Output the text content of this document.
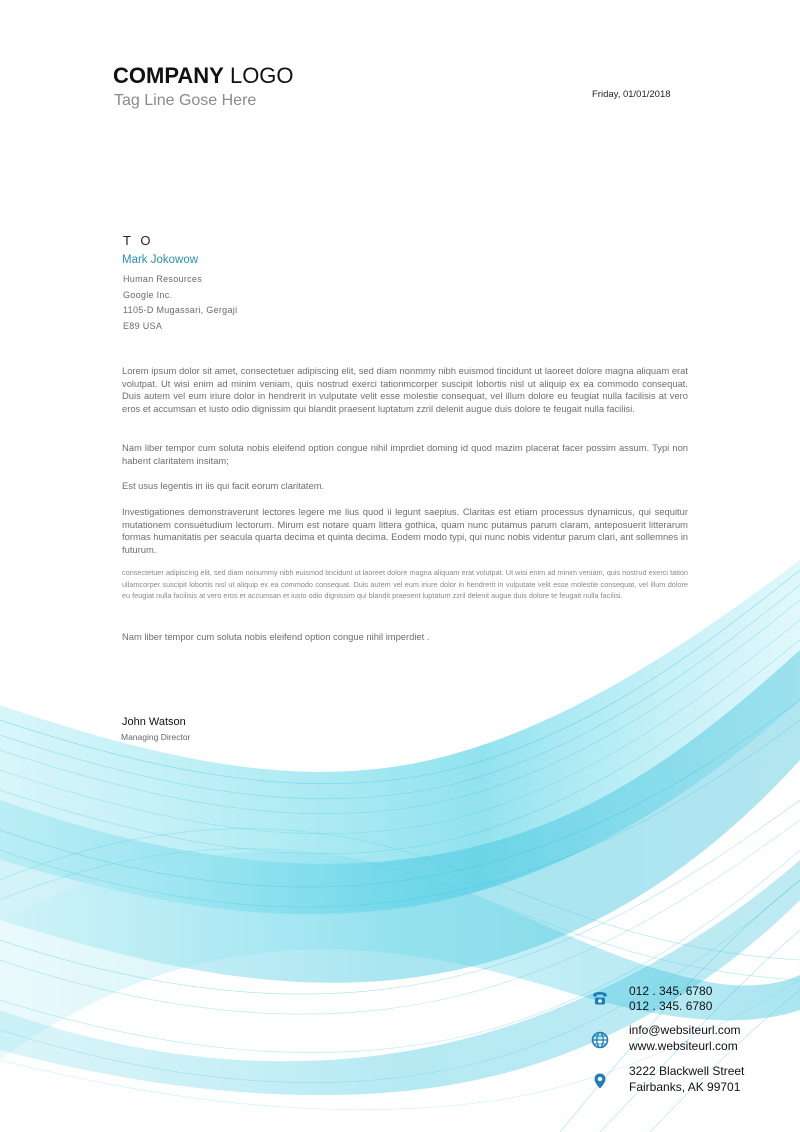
COMPANY LOGO
Tag Line Gose Here	Friday, 01/01/2018
T O
Mark Jokowow
Human Resources
Google Inc.
1105-D Mugassari, Gergaji
E89 USA

Lorem ipsum dolor sit amet, consectetuer adipiscing elit, sed diam nonmmy nibh euismod tincidunt ut laoreet dolore magna aliquam erat volutpat. Ut wisi enim ad minim veniam, quis nostrud exerci tationmcorper suscipit lobortis nisl ut aliquip ex ea commodo consequat. Duis autem vel eum iriure dolor in hendrerit in vulputate velit esse molestie consequat, vel illum dolore eu feugiat nulla facilisis at vero eros et accumsan et iusto odio dignissim qui blandit praesent luptatum zzril delenit augue duis dolore te feugait nulla facilisi.

Nam liber tempor cum soluta nobis eleifend option congue nihil imprdiet doming id quod mazim placerat facer possim assum. Typi non habent claritatem insitam;

Est usus legentis in iis qui facit eorum claritatem.

Investigationes demonstraverunt lectores legere me lius quod ii legunt saepius. Claritas est etiam processus dynamicus, qui sequitur mutationem consuetudium lectorum. Mirum est notare quam littera gothica, quam nunc putamus parum claram, anteposuerit litterarum formas humanitatis per seacula quarta decima et quinta decima. Eodem modo typi, qui nunc nobis videntur parum clari, ant sollemnes in futurum.

consectetuer adipiscing elit, sed diam nonummy nibh euismod tincidunt ut laoreet dolore magna aliquam erat volutpat. Ut wisi enim ad minim veniam, quis nostrud exerci tation ullamcorper suscipit lobortis nisl ut aliquip ex ea commodo consequat. Duis autem vel eum iriure dolor in hendrerit in vulputate velit esse molestie consequat, vel illum dolore eu feugiat nulla facilisis at vero eros et accumsan et iusto odio dignissim qui blandit praesent luptatum zzril delenit augue duis dolore te feugait nulla facilisi.

Nam liber tempor cum soluta nobis eleifend option congue nihil imperdiet .

John Watson
Managing Director
012 . 345. 6780
012 . 345. 6780
info@websiteurl.com
www.websiteurl.com
3222 Blackwell Street
Fairbanks, AK 99701
